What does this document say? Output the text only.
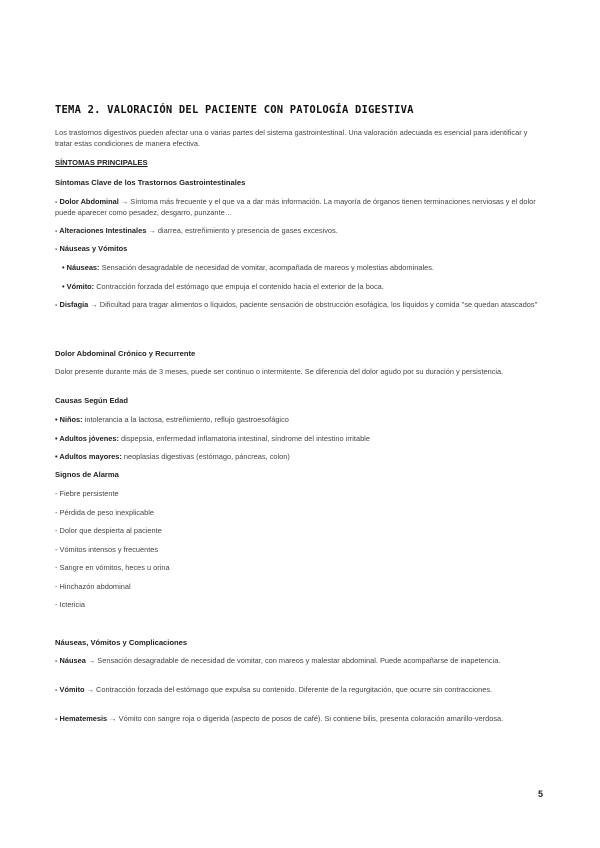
TEMA 2. VALORACIÓN DEL PACIENTE CON PATOLOGÍA DIGESTIVA
Los trastornos digestivos pueden afectar una o varias partes del sistema gastrointestinal. Una valoración adecuada es esencial para identificar y tratar estas condiciones de manera efectiva.
SÍNTOMAS PRINCIPALES
Síntomas Clave de los Trastornos Gastrointestinales
- Dolor Abdominal → Síntoma más frecuente y el que va a dar más información. La mayoría de órganos tienen terminaciones nerviosas y el dolor puede aparecer como pesadez, desgarro, punzante…
- Alteraciones Intestinales → diarrea, estreñimiento y presencia de gases excesivos.
- Náuseas y Vómitos
• Náuseas: Sensación desagradable de necesidad de vomitar, acompañada de mareos y molestias abdominales.
• Vómito: Contracción forzada del estómago que empuja el contenido hacia el exterior de la boca.
- Disfagia → Dificultad para tragar alimentos o líquidos, paciente sensación de obstrucción esofágica, los líquidos y comida "se quedan atascados"
Dolor Abdominal Crónico y Recurrente
Dolor presente durante más de 3 meses, puede ser continuo o intermitente. Se diferencia del dolor agudo por su duración y persistencia.
Causas Según Edad
• Niños: intolerancia a la lactosa, estreñimiento, reflujo gastroesofágico
• Adultos jóvenes: dispepsia, enfermedad inflamatoria intestinal, síndrome del intestino irritable
• Adultos mayores: neoplasias digestivas (estómago, páncreas, colon)
Signos de Alarma
- Fiebre persistente
- Pérdida de peso inexplicable
- Dolor que despierta al paciente
- Vómitos intensos y frecuentes
- Sangre en vómitos, heces u orina
- Hinchazón abdominal
- Ictericia
Náuseas, Vómitos y Complicaciones
- Náusea → Sensación desagradable de necesidad de vomitar, con mareos y malestar abdominal. Puede acompañarse de inapetencia.
- Vómito → Contracción forzada del estómago que expulsa su contenido. Diferente de la regurgitación, que ocurre sin contracciones.
- Hematemesis → Vómito con sangre roja o digerida (aspecto de posos de café). Si contiene bilis, presenta coloración amarillo-verdosa.
5
